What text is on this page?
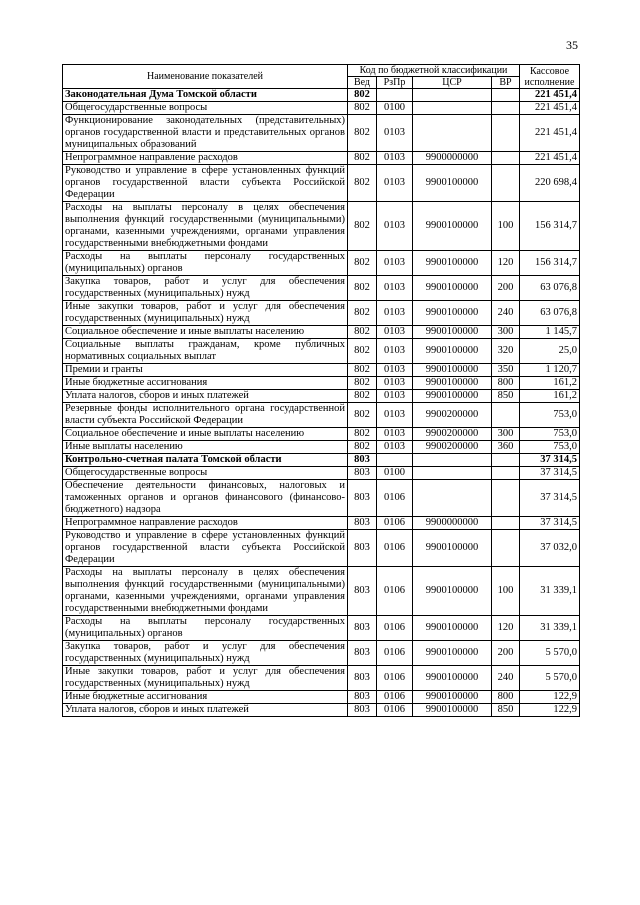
35
Наименование показателей	Код по бюджетной классификации				Кассовое исполнение
	Вед	РзПр	ЦСР	ВР	
Законодательная Дума Томской области	802				221 451,4
Общегосударственные вопросы	802	0100			221 451,4
Функционирование законодательных (представительных) органов государственной власти и представительных органов муниципальных образований	802	0103			221 451,4
Непрограммное направление расходов	802	0103	9900000000		221 451,4
Руководство и управление в сфере установленных функций органов государственной власти субъекта Российской Федерации	802	0103	9900100000		220 698,4
Расходы на выплаты персоналу в целях обеспечения выполнения функций государственными (муниципальными) органами, казенными учреждениями, органами управления государственными внебюджетными фондами	802	0103	9900100000	100	156 314,7
Расходы на выплаты персоналу государственных (муниципальных) органов	802	0103	9900100000	120	156 314,7
Закупка товаров, работ и услуг для обеспечения государственных (муниципальных) нужд	802	0103	9900100000	200	63 076,8
Иные закупки товаров, работ и услуг для обеспечения государственных (муниципальных) нужд	802	0103	9900100000	240	63 076,8
Социальное обеспечение и иные выплаты населению	802	0103	9900100000	300	1 145,7
Социальные выплаты гражданам, кроме публичных нормативных социальных выплат	802	0103	9900100000	320	25,0
Премии и гранты	802	0103	9900100000	350	1 120,7
Иные бюджетные ассигнования	802	0103	9900100000	800	161,2
Уплата налогов, сборов и иных платежей	802	0103	9900100000	850	161,2
Резервные фонды исполнительного органа государственной власти субъекта Российской Федерации	802	0103	9900200000		753,0
Социальное обеспечение и иные выплаты населению	802	0103	9900200000	300	753,0
Иные выплаты населению	802	0103	9900200000	360	753,0
Контрольно-счетная палата Томской области	803				37 314,5
Общегосударственные вопросы	803	0100			37 314,5
Обеспечение деятельности финансовых, налоговых и таможенных органов и органов финансового (финансово-бюджетного) надзора	803	0106			37 314,5
Непрограммное направление расходов	803	0106	9900000000		37 314,5
Руководство и управление в сфере установленных функций органов государственной власти субъекта Российской Федерации	803	0106	9900100000		37 032,0
Расходы на выплаты персоналу в целях обеспечения выполнения функций государственными (муниципальными) органами, казенными учреждениями, органами управления государственными внебюджетными фондами	803	0106	9900100000	100	31 339,1
Расходы на выплаты персоналу государственных (муниципальных) органов	803	0106	9900100000	120	31 339,1
Закупка товаров, работ и услуг для обеспечения государственных (муниципальных) нужд	803	0106	9900100000	200	5 570,0
Иные закупки товаров, работ и услуг для обеспечения государственных (муниципальных) нужд	803	0106	9900100000	240	5 570,0
Иные бюджетные ассигнования	803	0106	9900100000	800	122,9
Уплата налогов, сборов и иных платежей	803	0106	9900100000	850	122,9
